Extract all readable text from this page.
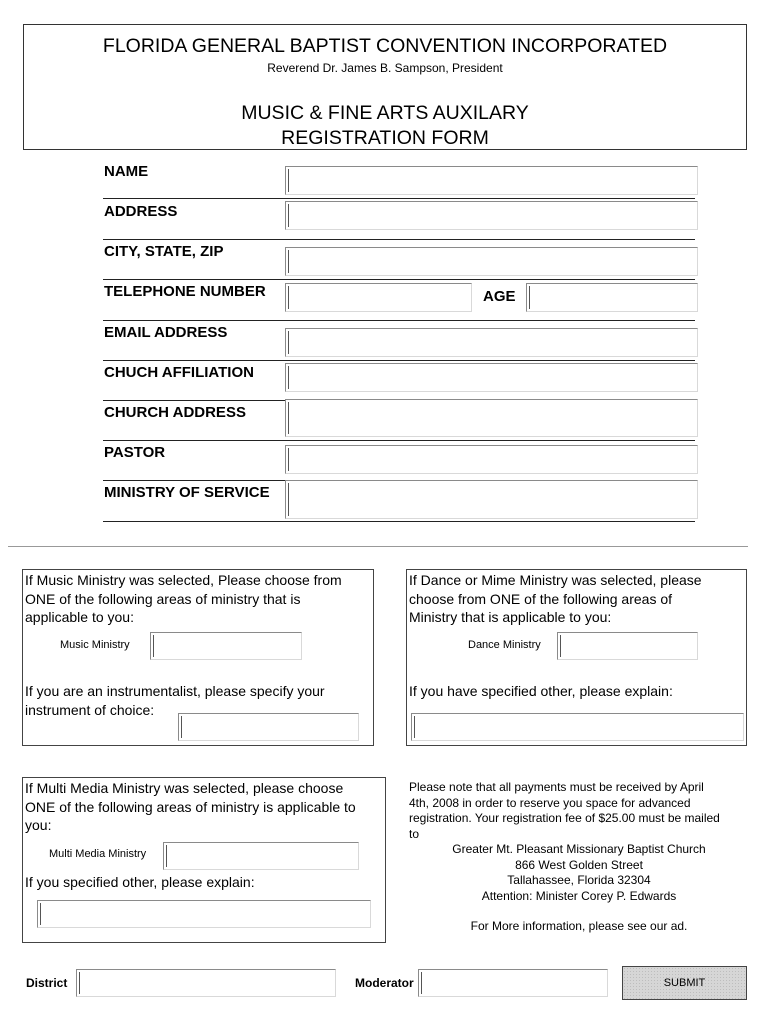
FLORIDA GENERAL BAPTIST CONVENTION INCORPORATED
Reverend Dr. James B. Sampson, President
MUSIC & FINE ARTS AUXILARY
REGISTRATION FORM
NAME
ADDRESS
CITY, STATE, ZIP
TELEPHONE NUMBER	AGE
EMAIL ADDRESS
CHUCH AFFILIATION
CHURCH ADDRESS
PASTOR
MINISTRY OF SERVICE
If Music Ministry was selected, Please choose from
ONE of the following areas of ministry that is
applicable to you:
Music Ministry
If you are an instrumentalist, please specify your
instrument of choice:
If Dance or Mime Ministry was selected, please
choose from ONE of the following areas of
Ministry that is applicable to you:
Dance Ministry
If you have specified other, please explain:
If Multi Media Ministry was selected, please choose
ONE of the following areas of ministry is applicable to
you:
Multi Media Ministry
If you specified other, please explain:
Please note that all payments must be received by April
4th, 2008 in order to reserve you space for advanced
registration. Your registration fee of $25.00 must be mailed
to
Greater Mt. Pleasant Missionary Baptist Church
866 West Golden Street
Tallahassee, Florida 32304
Attention: Minister Corey P. Edwards
For More information, please see our ad.
District	Moderator	SUBMIT
